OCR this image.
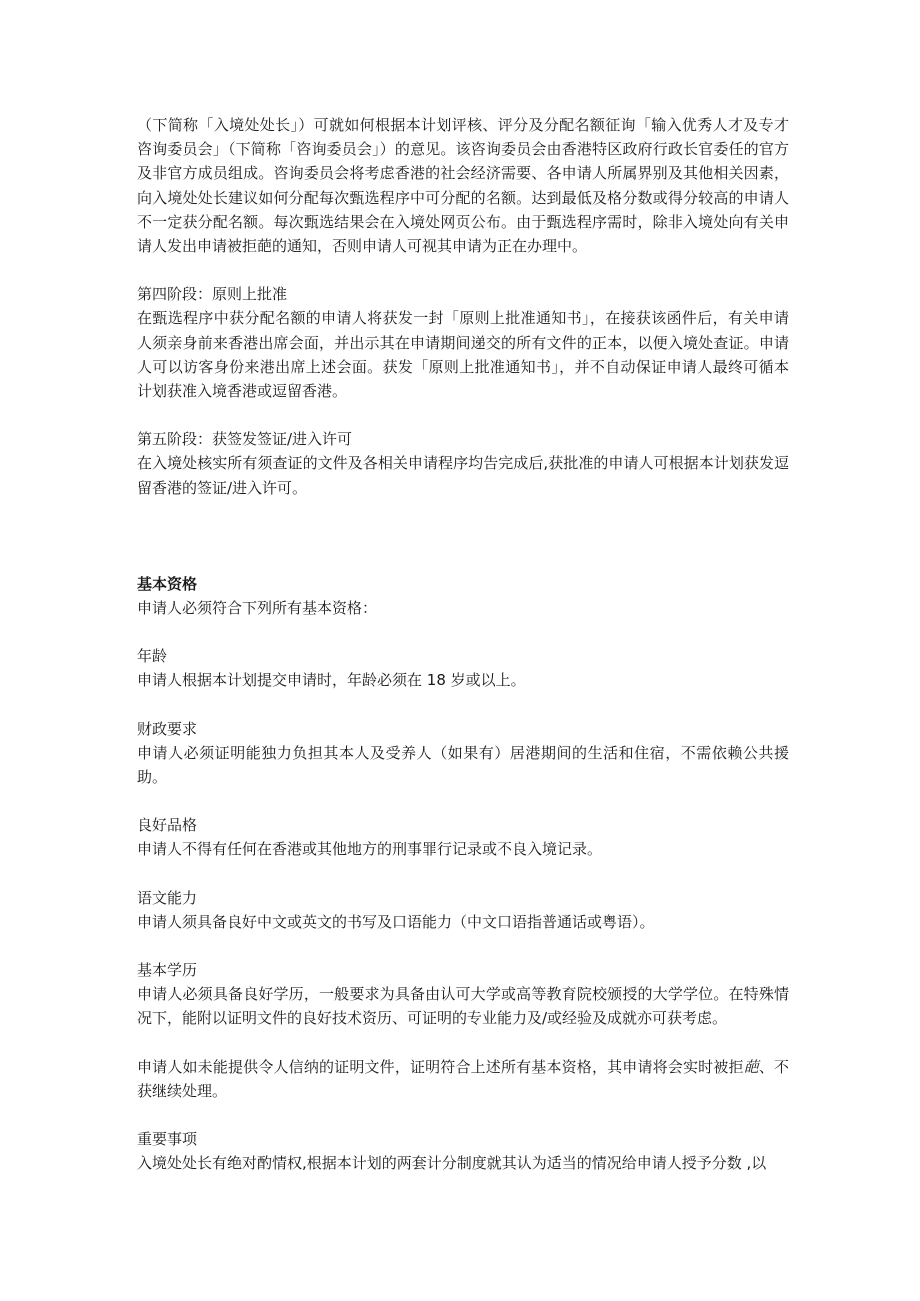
（下简称「入境处处长」）可就如何根据本计划评核、评分及分配名额征询「输入优秀人才及专才咨询委员会」（下简称「咨询委员会」）的意见。该咨询委员会由香港特区政府行政长官委任的官方及非官方成员组成。咨询委员会将考虑香港的社会经济需要、各申请人所属界别及其他相关因素，向入境处处长建议如何分配每次甄选程序中可分配的名额。达到最低及格分数或得分较高的申请人不一定获分配名额。每次甄选结果会在入境处网页公布。由于甄选程序需时，除非入境处向有关申请人发出申请被拒葩的通知，否则申请人可视其申请为正在办理中。

第四阶段：原则上批准

在甄选程序中获分配名额的申请人将获发一封「原则上批准通知书」，在接获该函件后，有关申请人须亲身前来香港出席会面，并出示其在申请期间递交的所有文件的正本，以便入境处查证。申请人可以访客身份来港出席上述会面。获发「原则上批准通知书」，并不自动保证申请人最终可循本计划获准入境香港或逗留香港。

第五阶段：获签发签证/进入许可

在入境处核实所有须查证的文件及各相关申请程序均告完成后,获批准的申请人可根据本计划获发逗留香港的签证/进入许可。

基本资格

申请人必须符合下列所有基本资格：

年龄

申请人根据本计划提交申请时，年龄必须在 18 岁或以上。

财政要求

申请人必须证明能独力负担其本人及受养人（如果有）居港期间的生活和住宿，不需依赖公共援助。

良好品格

申请人不得有任何在香港或其他地方的刑事罪行记录或不良入境记录。

语文能力

申请人须具备良好中文或英文的书写及口语能力（中文口语指普通话或粤语）。

基本学历

申请人必须具备良好学历，一般要求为具备由认可大学或高等教育院校颁授的大学学位。在特殊情况下，能附以证明文件的良好技术资历、可证明的专业能力及/或经验及成就亦可获考虑。

申请人如未能提供令人信纳的证明文件，证明符合上述所有基本资格，其申请将会实时被拒葩、不获继续处理。

重要事项

入境处处长有绝对酌情权,根据本计划的两套计分制度就其认为适当的情况给申请人授予分数 ,以
